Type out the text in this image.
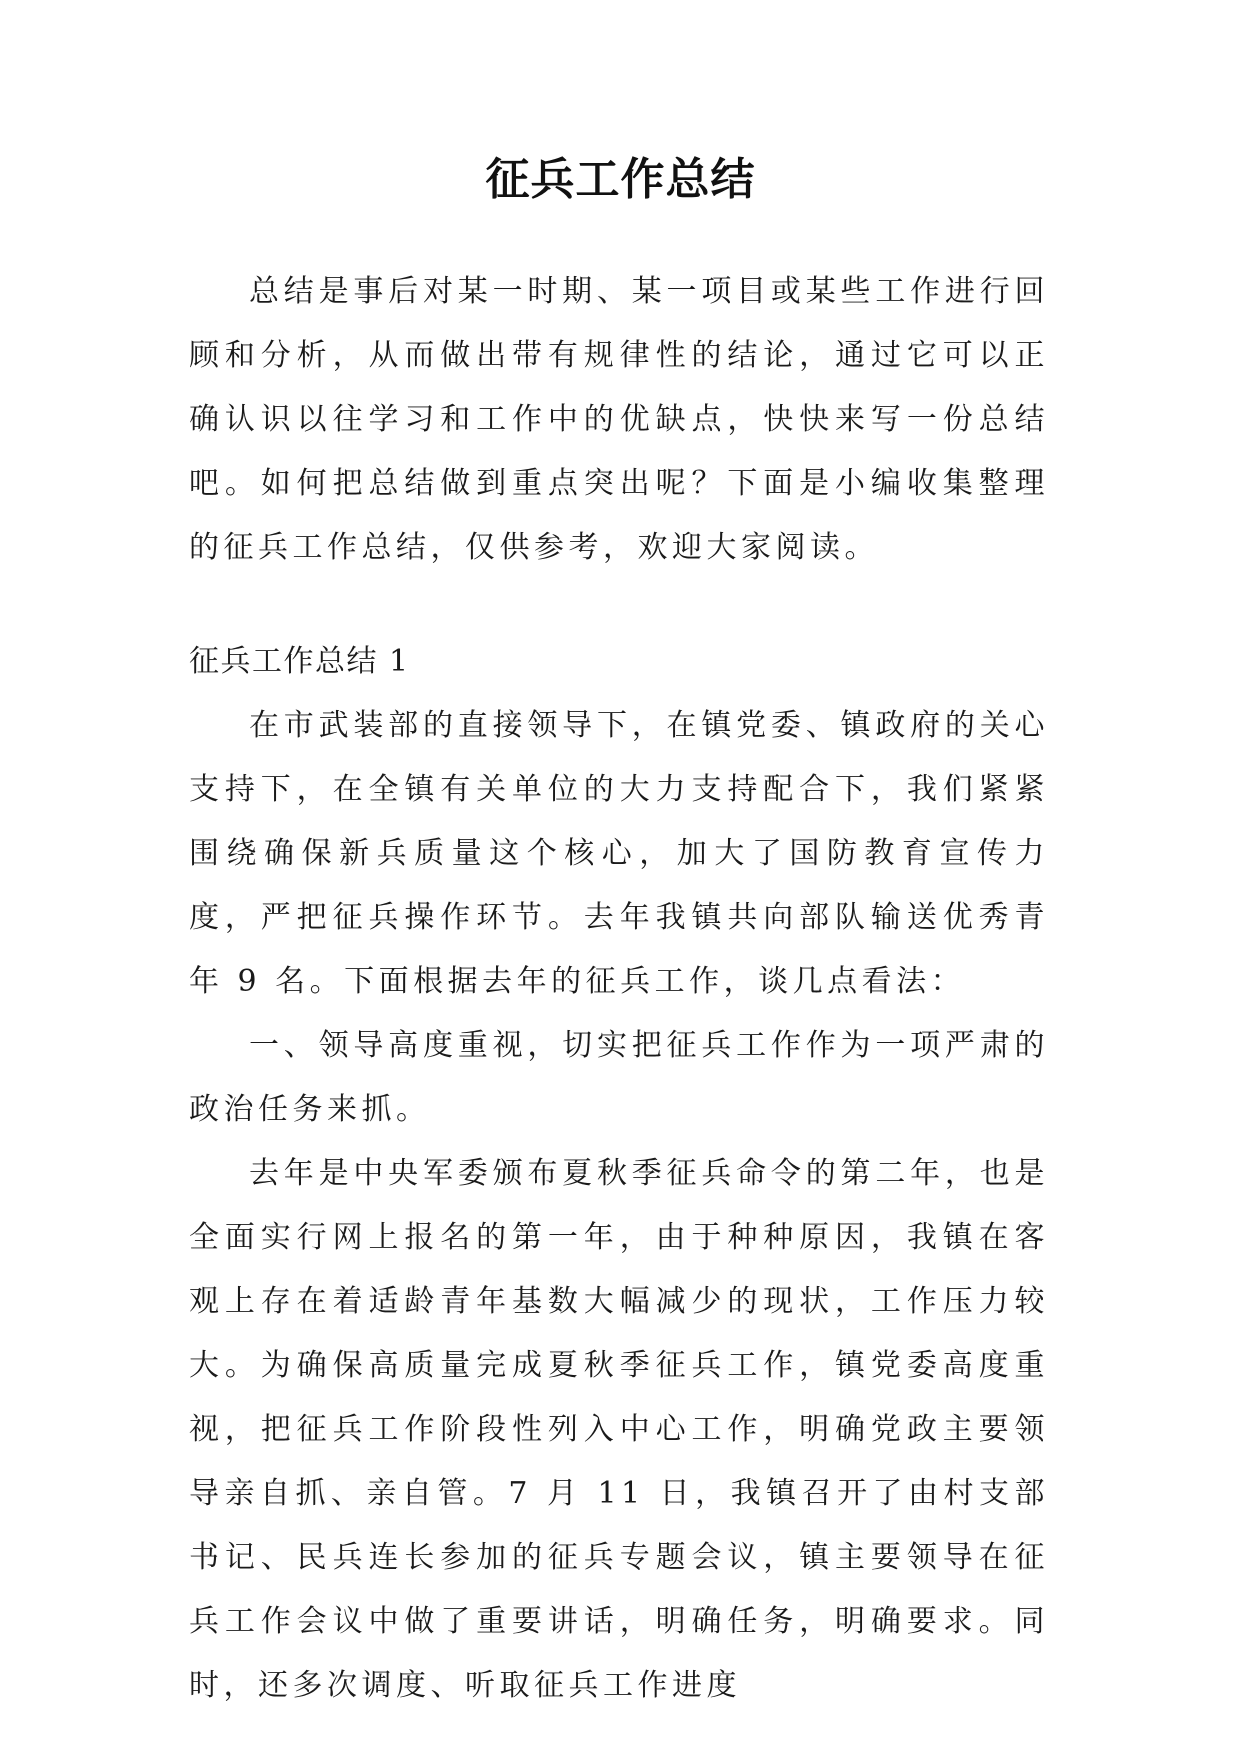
征兵工作总结

总结是事后对某一时期、某一项目或某些工作进行回顾和分析，从而做出带有规律性的结论，通过它可以正确认识以往学习和工作中的优缺点，快快来写一份总结吧。如何把总结做到重点突出呢？下面是小编收集整理的征兵工作总结，仅供参考，欢迎大家阅读。

征兵工作总结 1

在市武装部的直接领导下，在镇党委、镇政府的关心支持下，在全镇有关单位的大力支持配合下，我们紧紧围绕确保新兵质量这个核心，加大了国防教育宣传力度，严把征兵操作环节。去年我镇共向部队输送优秀青年 9 名。下面根据去年的征兵工作，谈几点看法：

一、领导高度重视，切实把征兵工作作为一项严肃的政治任务来抓。

去年是中央军委颁布夏秋季征兵命令的第二年，也是全面实行网上报名的第一年，由于种种原因，我镇在客观上存在着适龄青年基数大幅减少的现状，工作压力较大。为确保高质量完成夏秋季征兵工作，镇党委高度重视，把征兵工作阶段性列入中心工作，明确党政主要领导亲自抓、亲自管。7 月 11 日，我镇召开了由村支部书记、民兵连长参加的征兵专题会议，镇主要领导在征兵工作会议中做了重要讲话，明确任务，明确要求。同时，还多次调度、听取征兵工作进度
